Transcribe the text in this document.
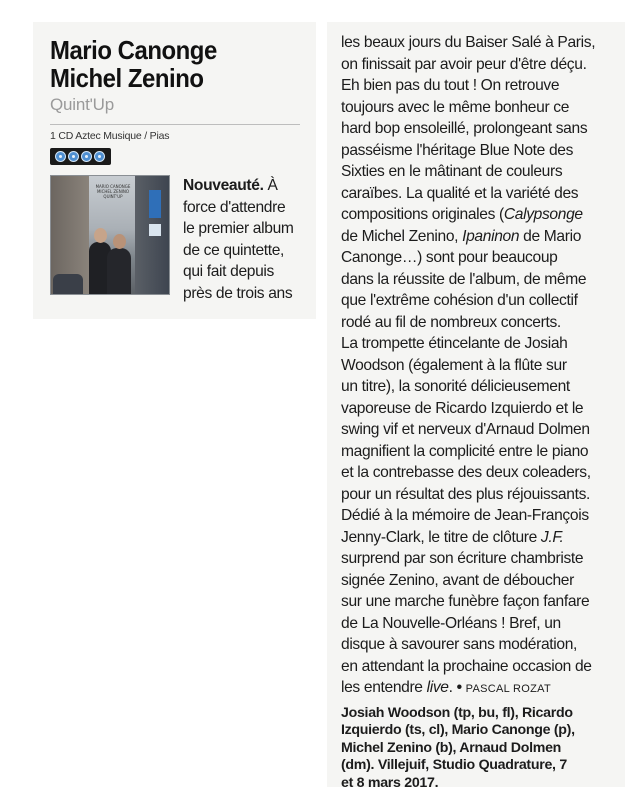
Mario Canonge
Michel Zenino
Quint'Up
1 CD Aztec Musique / Pias
MARIO CANONGE MICHEL ZENINO QUINT'UP
Nouveauté. À
force d'attendre
le premier album
de ce quintette,
qui fait depuis
près de trois ans
les beaux jours du Baiser Salé à Paris,
on finissait par avoir peur d'être déçu.
Eh bien pas du tout ! On retrouve
toujours avec le même bonheur ce
hard bop ensoleillé, prolongeant sans
passéisme l'héritage Blue Note des
Sixties en le mâtinant de couleurs
caraïbes. La qualité et la variété des
compositions originales (Calypsonge
de Michel Zenino, Ipaninon de Mario
Canonge…) sont pour beaucoup
dans la réussite de l'album, de même
que l'extrême cohésion d'un collectif
rodé au fil de nombreux concerts.
La trompette étincelante de Josiah
Woodson (également à la flûte sur
un titre), la sonorité délicieusement
vaporeuse de Ricardo Izquierdo et le
swing vif et nerveux d'Arnaud Dolmen
magnifient la complicité entre le piano
et la contrebasse des deux coleaders,
pour un résultat des plus réjouissants.
Dédié à la mémoire de Jean-François
Jenny-Clark, le titre de clôture J.F.
surprend par son écriture chambriste
signée Zenino, avant de déboucher
sur une marche funèbre façon fanfare
de La Nouvelle-Orléans ! Bref, un
disque à savourer sans modération,
en attendant la prochaine occasion de
les entendre live. • PASCAL ROZAT
Josiah Woodson (tp, bu, fl), Ricardo
Izquierdo (ts, cl), Mario Canonge (p),
Michel Zenino (b), Arnaud Dolmen
(dm). Villejuif, Studio Quadrature, 7
et 8 mars 2017.
